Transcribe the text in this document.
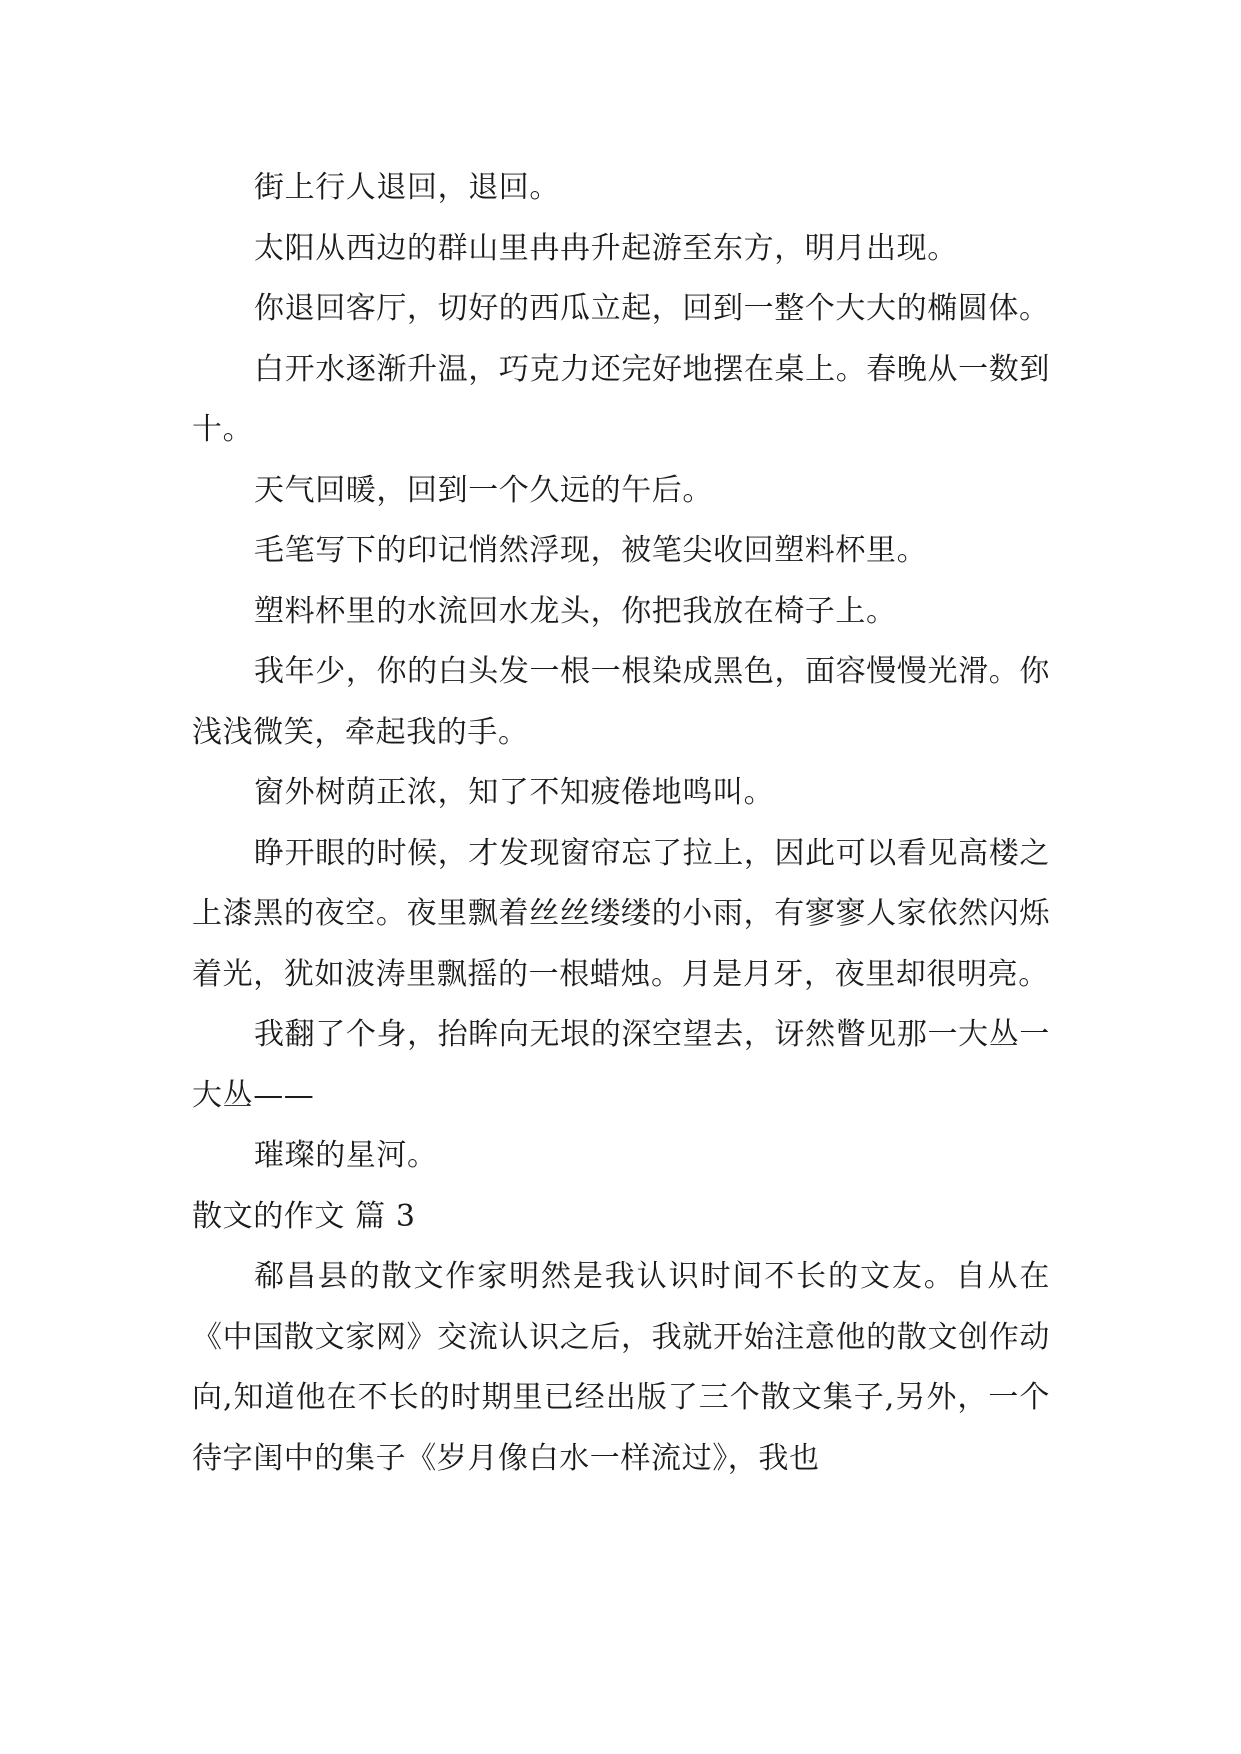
街上行人退回，退回。

太阳从西边的群山里冉冉升起游至东方，明月出现。

你退回客厅，切好的西瓜立起，回到一整个大大的椭圆体。

白开水逐渐升温，巧克力还完好地摆在桌上。春晚从一数到十。

天气回暖，回到一个久远的午后。

毛笔写下的印记悄然浮现，被笔尖收回塑料杯里。

塑料杯里的水流回水龙头，你把我放在椅子上。

我年少，你的白头发一根一根染成黑色，面容慢慢光滑。你浅浅微笑，牵起我的手。

窗外树荫正浓，知了不知疲倦地鸣叫。

睁开眼的时候，才发现窗帘忘了拉上，因此可以看见高楼之上漆黑的夜空。夜里飘着丝丝缕缕的小雨，有寥寥人家依然闪烁着光，犹如波涛里飘摇的一根蜡烛。月是月牙，夜里却很明亮。

我翻了个身，抬眸向无垠的深空望去，讶然瞥见那一大丛一大丛——

璀璨的星河。

散文的作文 篇 3

郗昌县的散文作家明然是我认识时间不长的文友。自从在《中国散文家网》交流认识之后，我就开始注意他的散文创作动向,知道他在不长的时期里已经出版了三个散文集子,另外，一个待字闺中的集子《岁月像白水一样流过》，我也
